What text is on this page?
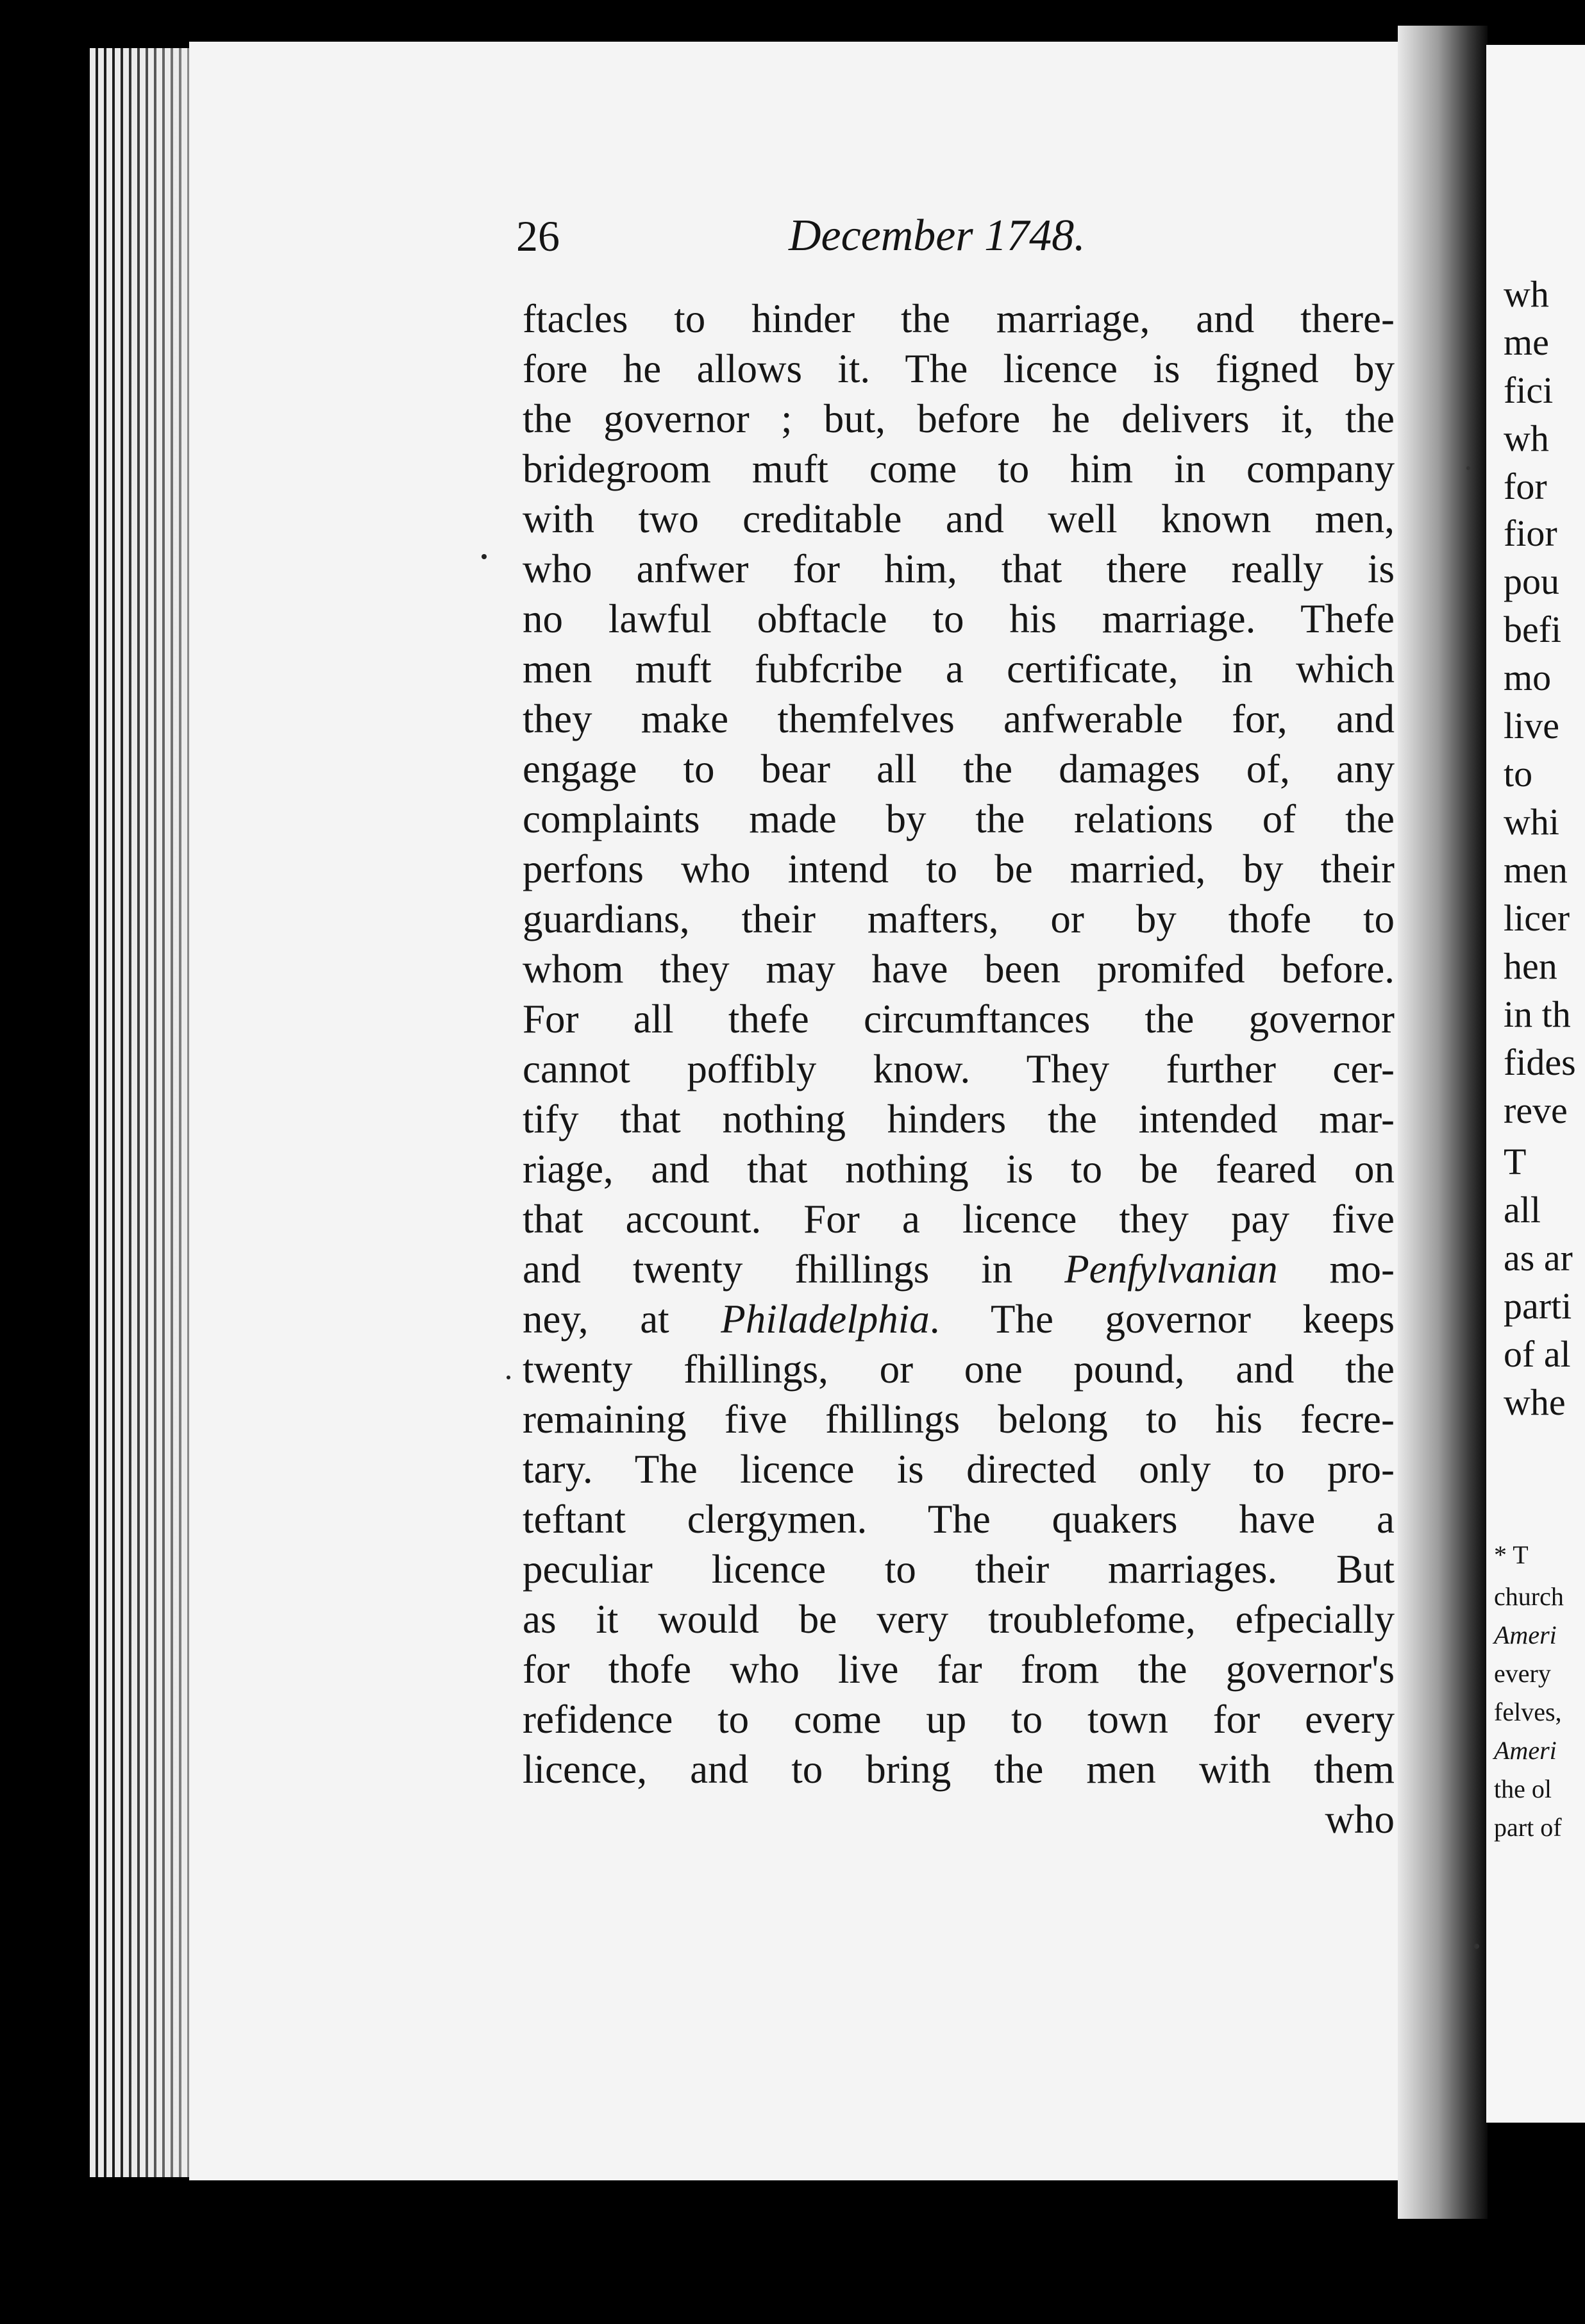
26	December 1748.
ftacles to hinder the marriage, and there-
fore he allows it. The licence is figned by
the governor ; but, before he delivers it, the
bridegroom muft come to him in company
with two creditable and well known men,
who anfwer for him, that there really is
no lawful obftacle to his marriage. Thefe
men muft fubfcribe a certificate, in which
they make themfelves anfwerable for, and
engage to bear all the damages of, any
complaints made by the relations of the
perfons who intend to be married, by their
guardians, their mafters, or by thofe to
whom they may have been promifed before.
For all thefe circumftances the governor
cannot poffibly know. They further cer-
tify that nothing hinders the intended mar-
riage, and that nothing is to be feared on
that account. For a licence they pay five
and twenty fhillings in Penfylvanian mo-
ney, at Philadelphia. The governor keeps
twenty fhillings, or one pound, and the
remaining five fhillings belong to his fecre-
tary. The licence is directed only to pro-
teftant clergymen. The quakers have a
peculiar licence to their marriages. But
as it would be very troublefome, efpecially
for thofe who live far from the governor's
refidence to come up to town for every
licence, and to bring the men with them
who
wh
me
fici
wh
for
fior
pou
befi
mo
live
to
whi
men
licer
hen
in th
fides
reve
T
all
as ar
parti
of al
whe
* T
church
Ameri
every
felves,
Ameri
the ol
part of
